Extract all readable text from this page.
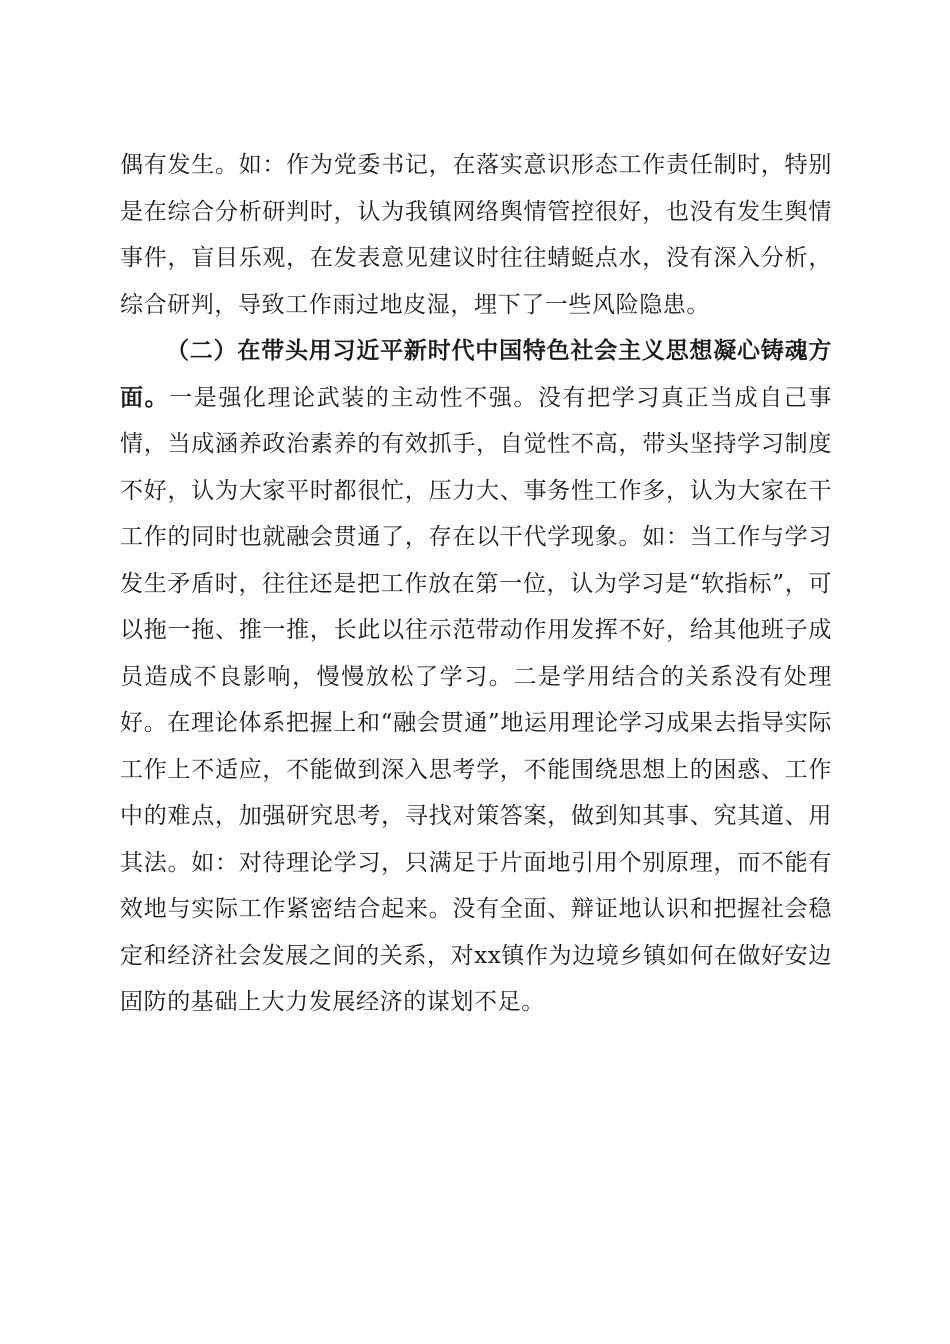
偶有发生。如：作为党委书记，在落实意识形态工作责任制时，特别是在综合分析研判时，认为我镇网络舆情管控很好，也没有发生舆情事件，盲目乐观，在发表意见建议时往往蜻蜓点水，没有深入分析，综合研判，导致工作雨过地皮湿，埋下了一些风险隐患。

（二）在带头用习近平新时代中国特色社会主义思想凝心铸魂方面。一是强化理论武装的主动性不强。没有把学习真正当成自己事情，当成涵养政治素养的有效抓手，自觉性不高，带头坚持学习制度不好，认为大家平时都很忙，压力大、事务性工作多，认为大家在干工作的同时也就融会贯通了，存在以干代学现象。如：当工作与学习发生矛盾时，往往还是把工作放在第一位，认为学习是“软指标”，可以拖一拖、推一推，长此以往示范带动作用发挥不好，给其他班子成员造成不良影响，慢慢放松了学习。二是学用结合的关系没有处理好。在理论体系把握上和“融会贯通”地运用理论学习成果去指导实际工作上不适应，不能做到深入思考学，不能围绕思想上的困惑、工作中的难点，加强研究思考，寻找对策答案，做到知其事、究其道、用其法。如：对待理论学习，只满足于片面地引用个别原理，而不能有效地与实际工作紧密结合起来。没有全面、辩证地认识和把握社会稳定和经济社会发展之间的关系，对xx镇作为边境乡镇如何在做好安边固防的基础上大力发展经济的谋划不足。
